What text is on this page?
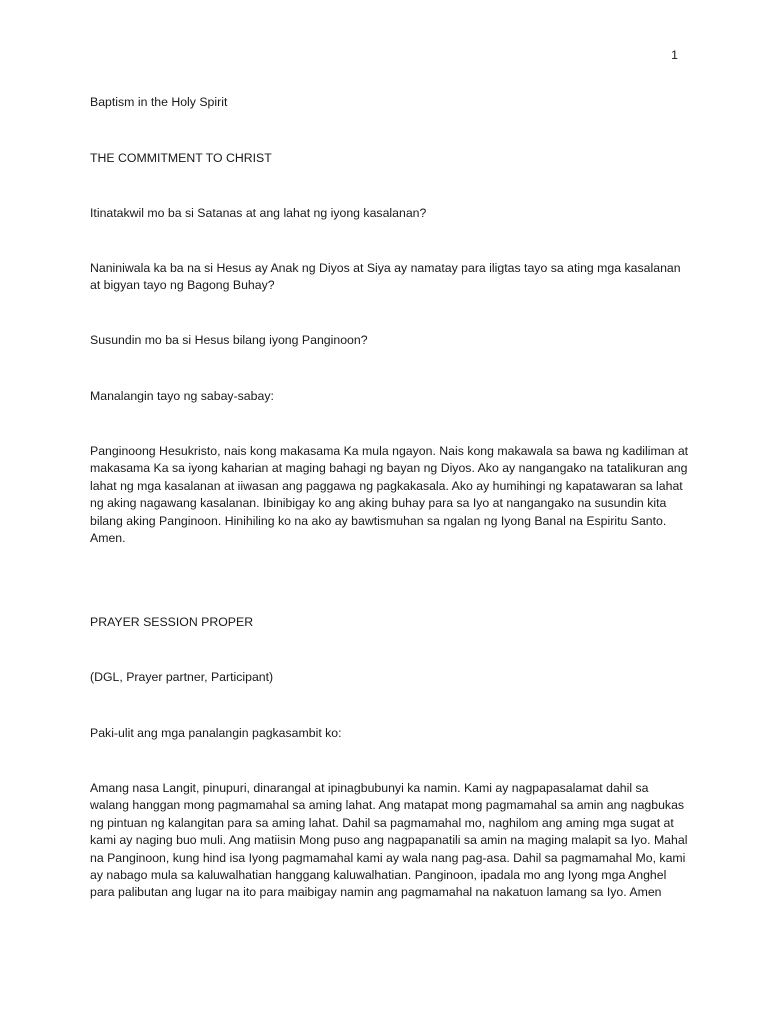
1

Baptism in the Holy Spirit

THE COMMITMENT TO CHRIST

Itinatakwil mo ba si Satanas at ang lahat ng iyong kasalanan?

Naniniwala ka ba na si Hesus ay Anak ng Diyos at Siya ay namatay para iligtas tayo sa ating mga kasalanan at bigyan tayo ng Bagong Buhay?

Susundin mo ba si Hesus bilang iyong Panginoon?

Manalangin tayo ng sabay-sabay:

Panginoong Hesukristo, nais kong makasama Ka mula ngayon. Nais kong makawala sa bawa ng kadiliman at makasama Ka sa iyong kaharian at maging bahagi ng bayan ng Diyos. Ako ay nangangako na tatalikuran ang lahat ng mga kasalanan at iiwasan ang paggawa ng pagkakasala. Ako ay humihingi ng kapatawaran sa lahat ng aking nagawang kasalanan. Ibinibigay ko ang aking buhay para sa Iyo at nangangako na susundin kita bilang aking Panginoon. Hinihiling ko na ako ay bawtismuhan sa ngalan ng Iyong Banal na Espiritu Santo. Amen.

PRAYER SESSION PROPER

(DGL, Prayer partner, Participant)

Paki-ulit ang mga panalangin pagkasambit ko:

Amang nasa Langit, pinupuri, dinarangal at ipinagbubunyi ka namin. Kami ay nagpapasalamat dahil sa walang hanggan mong pagmamahal sa aming lahat. Ang matapat mong pagmamahal sa amin ang nagbukas ng pintuan ng kalangitan para sa aming lahat. Dahil sa pagmamahal mo, naghilom ang aming mga sugat at kami ay naging buo muli. Ang matiisin Mong puso ang nagpapanatili sa amin na maging malapit sa Iyo. Mahal na Panginoon, kung hind isa Iyong pagmamahal kami ay wala nang pag-asa. Dahil sa pagmamahal Mo, kami ay nabago mula sa kaluwalhatian hanggang kaluwalhatian. Panginoon, ipadala mo ang Iyong mga Anghel para palibutan ang lugar na ito para maibigay namin ang pagmamahal na nakatuon lamang sa Iyo. Amen
